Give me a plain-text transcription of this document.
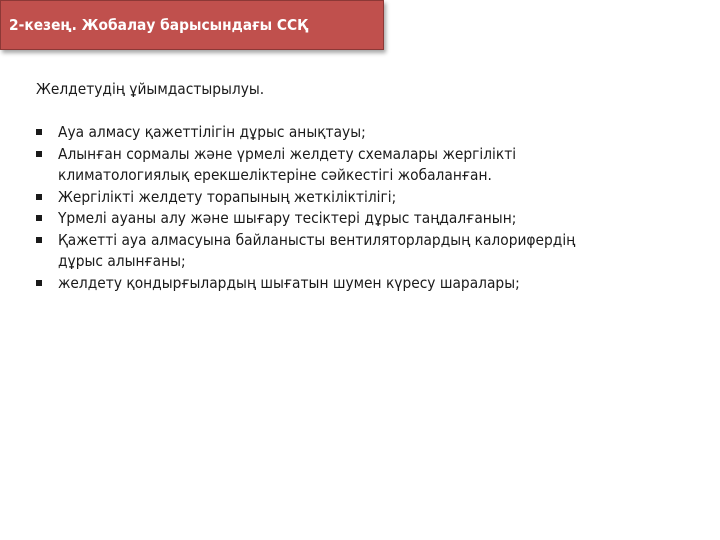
2-кезең. Жобалау барысындағы ССҚ
Желдетудің ұйымдастырылуы.
Ауа алмасу қажеттілігін дұрыс анықтауы;
Алынған сормалы және үрмелі желдету схемалары жергілікті
климатологиялық ерекшеліктеріне сәйкестігі жобаланған.
Жергілікті желдету торапының жеткіліктілігі;
Үрмелі ауаны алу және шығару тесіктері дұрыс таңдалғанын;
Қажетті ауа алмасуына байланысты вентиляторлардың калориφердің
дұрыс алынғаны;
желдету қондырғылардың шығатын шумен күресу шаралары;
